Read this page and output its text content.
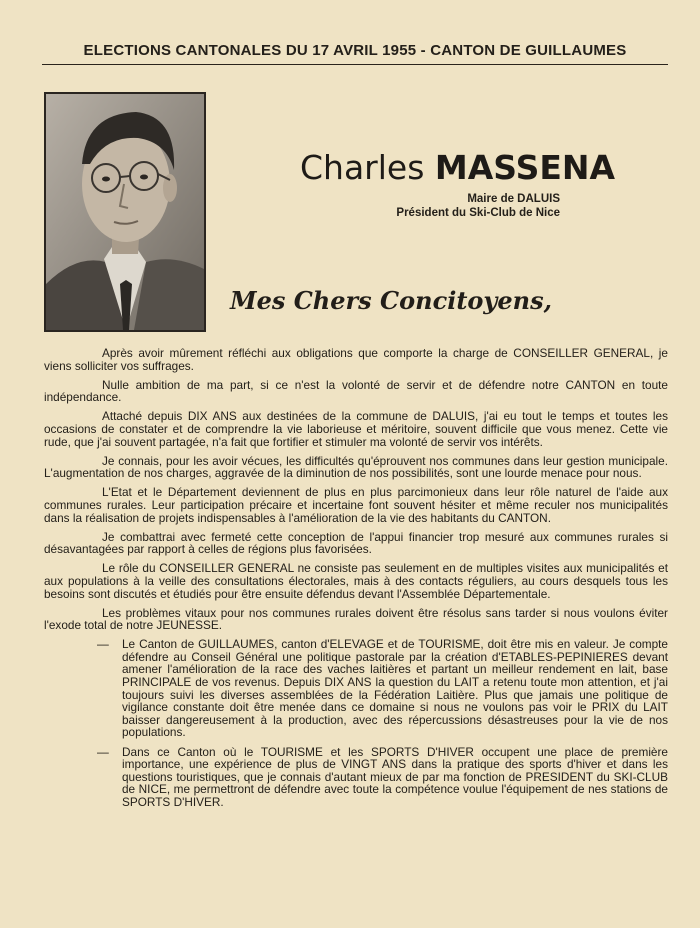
ELECTIONS CANTONALES DU 17 AVRIL 1955 - CANTON DE GUILLAUMES
Charles MASSENA
Maire de DALUIS
Président du Ski-Club de Nice
Mes Chers Concitoyens,

Après avoir mûrement réfléchi aux obligations que comporte la charge de CONSEILLER GENERAL, je viens solliciter vos suffrages.

Nulle ambition de ma part, si ce n'est la volonté de servir et de défendre notre CANTON en toute indépendance.

Attaché depuis DIX ANS aux destinées de la commune de DALUIS, j'ai eu tout le temps et toutes les occasions de constater et de comprendre la vie laborieuse et méritoire, souvent difficile que vous menez. Cette vie rude, que j'ai souvent partagée, n'a fait que fortifier et stimuler ma volonté de servir vos intérêts.

Je connais, pour les avoir vécues, les difficultés qu'éprouvent nos communes dans leur gestion municipale. L'augmentation de nos charges, aggravée de la diminution de nos possibilités, sont une lourde menace pour nous.

L'Etat et le Département deviennent de plus en plus parcimonieux dans leur rôle naturel de l'aide aux communes rurales. Leur participation précaire et incertaine font souvent hésiter et même reculer nos municipalités dans la réalisation de projets indispensables à l'amélioration de la vie des habitants du CANTON.

Je combattrai avec fermeté cette conception de l'appui financier trop mesuré aux communes rurales si désavantagées par rapport à celles de régions plus favorisées.

Le rôle du CONSEILLER GENERAL ne consiste pas seulement en de multiples visites aux municipalités et aux populations à la veille des consultations électorales, mais à des contacts réguliers, au cours desquels tous les besoins sont discutés et étudiés pour être ensuite défendus devant l'Assemblée Départementale.

Les problèmes vitaux pour nos communes rurales doivent être résolus sans tarder si nous voulons éviter l'exode total de notre JEUNESSE.

—	Le Canton de GUILLAUMES, canton d'ELEVAGE et de TOURISME, doit être mis en valeur. Je compte défendre au Conseil Général une politique pastorale par la création d'ETABLES-PEPINIERES devant amener l'amélioration de la race des vaches laitières et partant un meilleur rendement en lait, base PRINCIPALE de vos revenus. Depuis DIX ANS la question du LAIT a retenu toute mon attention, et j'ai toujours suivi les diverses assemblées de la Fédération Laitière. Plus que jamais une politique de vigilance constante doit être menée dans ce domaine si nous ne voulons pas voir le PRIX du LAIT baisser dangereusement à la production, avec des répercussions désastreuses pour la vie de nos populations.
—	Dans ce Canton où le TOURISME et les SPORTS D'HIVER occupent une place de première importance, une expérience de plus de VINGT ANS dans la pratique des sports d'hiver et dans les questions touristiques, que je connais d'autant mieux de par ma fonction de PRESIDENT du SKI-CLUB de NICE, me permettront de défendre avec toute la compétence voulue l'équipement de nes stations de SPORTS D'HIVER.
